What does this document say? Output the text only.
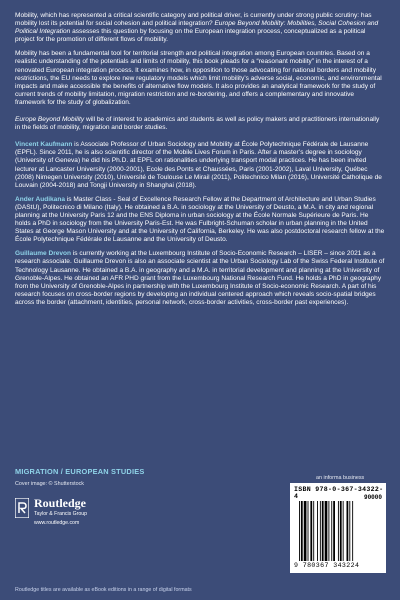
Mobility, which has represented a critical scientific category and political driver, is currently under strong public scrutiny: has mobility lost its potential for social cohesion and political integration? Europe Beyond Mobility: Mobilities, Social Cohesion and Political Integration assesses this question by focusing on the European integration process, conceptualized as a political project for the promotion of different flows of mobility.

Mobility has been a fundamental tool for territorial strength and political integration among European countries. Based on a realistic understanding of the potentials and limits of mobility, this book pleads for a “reasonant mobility” in the interest of a renovated European integration process. It examines how, in opposition to those advocating for national borders and mobility restrictions, the EU needs to explore new regulatory models which limit mobility’s adverse social, economic, and environmental impacts and make accessible the benefits of alternative flow models. It also provides an analytical framework for the study of current trends of mobility limitation, migration restriction and re-bordering, and offers a complementary and innovative framework for the study of globalization.

Europe Beyond Mobility will be of interest to academics and students as well as policy makers and practitioners internationally in the fields of mobility, migration and border studies.

Vincent Kaufmann is Associate Professor of Urban Sociology and Mobility at École Polytechnique Fédérale de Lausanne (EPFL). Since 2011, he is also scientific director of the Mobile Lives Forum in Paris. After a master’s degree in sociology (University of Geneva) he did his Ph.D. at EPFL on rationalities underlying transport modal practices. He has been invited lecturer at Lancaster University (2000-2001), Ecole des Ponts et Chaussées, Paris (2001-2002), Laval University, Québec (2008) Nimegen University (2010), Université de Toulouse Le Mirail (2011), Politechnico Milan (2016), Université Catholique de Louvain (2004-2018) and Tongji University in Shanghai (2018).

Ander Audikana is Master Class - Seal of Excellence Research Fellow at the Department of Architecture and Urban Studies (DAStU), Politecnico di Milano (Italy). He obtained a B.A. in sociology at the University of Deusto, a M.A. in city and regional planning at the University Paris 12 and the ENS Diploma in urban sociology at the École Normale Supérieure de Paris. He holds a PhD in sociology from the University Paris-Est. He was Fulbright-Schuman scholar in urban planning in the United States at George Mason University and at the University of California, Berkeley. He was also postdoctoral research fellow at the École Polytechnique Fédérale de Lausanne and the University of Deusto.

Guillaume Drevon is currently working at the Luxembourg Institute of Socio-Economic Research – LISER – since 2021 as a research associate. Guillaume Drevon is also an associate scientist at the Urban Sociology Lab of the Swiss Federal Institute of Technology Lausanne. He obtained a B.A. in geography and a M.A. in territorial development and planning at the University of Grenoble-Alpes. He obtained an AFR PHD grant from the Luxembourg National Research Fund. He holds a PhD in geography from the University of Grenoble-Alpes in partnership with the Luxembourg Institute of Socio-economic Research. A part of his research focuses on cross-border regions by developing an individual centered approach which reveals socio-spatial bridges across the border (attachment, identities, personal network, cross-border activities, cross-border past experiences).

MIGRATION / EUROPEAN STUDIES
Cover image: © Shutterstock
Routledge
Taylor & Francis Group
www.routledge.com
an informa business
ISBN 978-0-367-34322-4	90000
9 780367 343224
Routledge titles are available as eBook editions in a range of digital formats
